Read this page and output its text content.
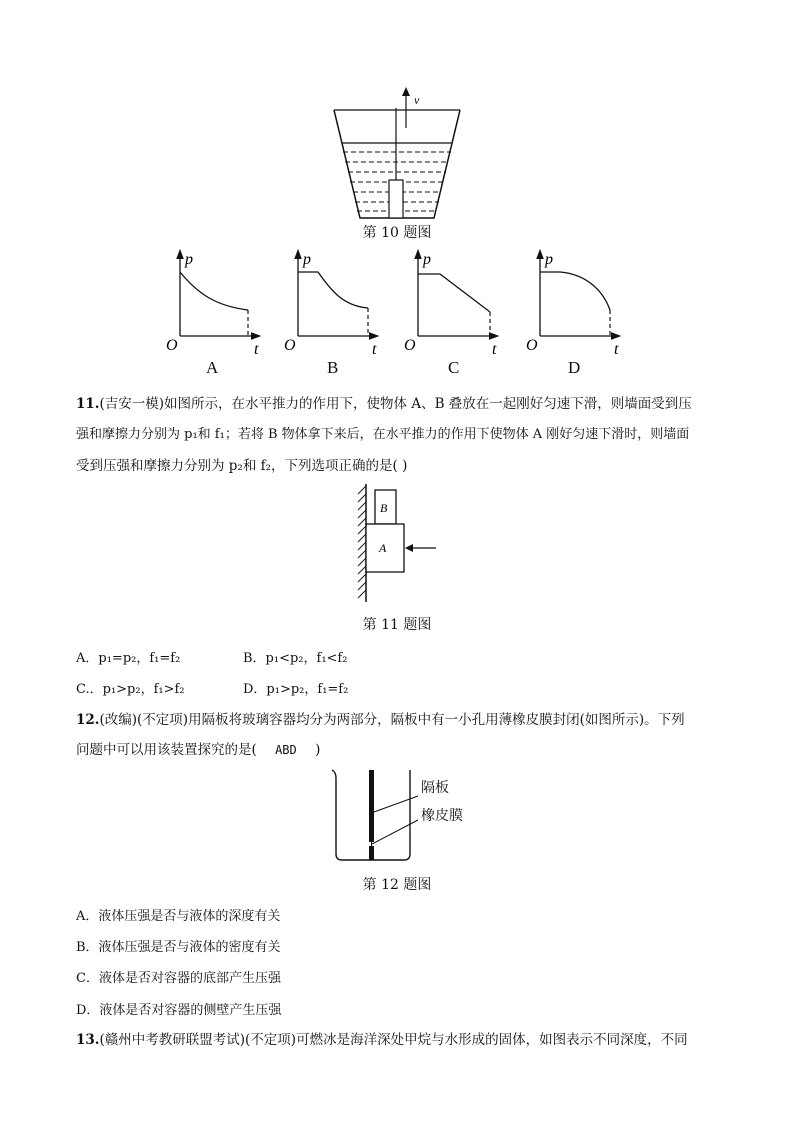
v
第 10 题图
p
t
O
p
t
O
p
t
O
p
t
O
A	B	C	D
11.(吉安一模)如图所示，在水平推力的作用下，使物体 A、B 叠放在一起刚好匀速下滑，则墙面受到压
强和摩擦力分别为 p₁和 f₁；若将 B 物体拿下来后，在水平推力的作用下使物体 A 刚好匀速下滑时，则墙面
受到压强和摩擦力分别为 p₂和 f₂，下列选项正确的是( )
B
A
第 11 题图
A．p₁=p₂，f₁=f₂	B．p₁<p₂，f₁<f₂
C.．p₁>p₂，f₁>f₂	D．p₁>p₂，f₁=f₂
12.(改编)(不定项)用隔板将玻璃容器均分为两部分，隔板中有一小孔用薄橡皮膜封闭(如图所示)。下列
问题中可以用该装置探究的是( ABD )
隔板
橡皮膜
第 12 题图
A．液体压强是否与液体的深度有关
B．液体压强是否与液体的密度有关
C．液体是否对容器的底部产生压强
D．液体是否对容器的侧壁产生压强
13.(赣州中考教研联盟考试)(不定项)可燃冰是海洋深处甲烷与水形成的固体，如图表示不同深度，不同
